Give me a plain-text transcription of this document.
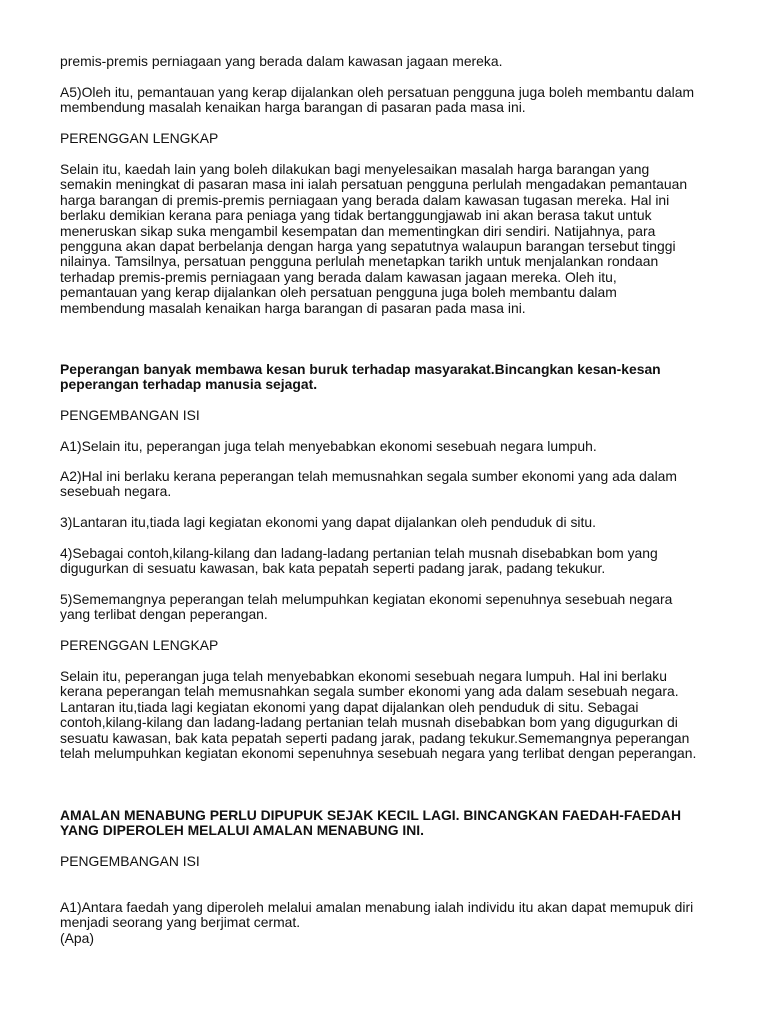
premis-premis perniagaan yang berada dalam kawasan jagaan mereka.

A5)Oleh itu, pemantauan yang kerap dijalankan oleh persatuan pengguna juga boleh membantu dalam
membendung masalah kenaikan harga barangan di pasaran pada masa ini.

PERENGGAN LENGKAP

Selain itu, kaedah lain yang boleh dilakukan bagi menyelesaikan masalah harga barangan yang
semakin meningkat di pasaran masa ini ialah persatuan pengguna perlulah mengadakan pemantauan
harga barangan di premis-premis perniagaan yang berada dalam kawasan tugasan mereka. Hal ini
berlaku demikian kerana para peniaga yang tidak bertanggungjawab ini akan berasa takut untuk
meneruskan sikap suka mengambil kesempatan dan mementingkan diri sendiri. Natijahnya, para
pengguna akan dapat berbelanja dengan harga yang sepatutnya walaupun barangan tersebut tinggi
nilainya. Tamsilnya, persatuan pengguna perlulah menetapkan tarikh untuk menjalankan rondaan
terhadap premis-premis perniagaan yang berada dalam kawasan jagaan mereka. Oleh itu,
pemantauan yang kerap dijalankan oleh persatuan pengguna juga boleh membantu dalam
membendung masalah kenaikan harga barangan di pasaran pada masa ini.

Peperangan banyak membawa kesan buruk terhadap masyarakat.Bincangkan kesan-kesan
peperangan terhadap manusia sejagat.

PENGEMBANGAN ISI

A1)Selain itu, peperangan juga telah menyebabkan ekonomi sesebuah negara lumpuh.

A2)Hal ini berlaku kerana peperangan telah memusnahkan segala sumber ekonomi yang ada dalam
sesebuah negara.

3)Lantaran itu,tiada lagi kegiatan ekonomi yang dapat dijalankan oleh penduduk di situ.

4)Sebagai contoh,kilang-kilang dan ladang-ladang pertanian telah musnah disebabkan bom yang
digugurkan di sesuatu kawasan, bak kata pepatah seperti padang jarak, padang tekukur.

5)Sememangnya peperangan telah melumpuhkan kegiatan ekonomi sepenuhnya sesebuah negara
yang terlibat dengan peperangan.

PERENGGAN LENGKAP

Selain itu, peperangan juga telah menyebabkan ekonomi sesebuah negara lumpuh. Hal ini berlaku
kerana peperangan telah memusnahkan segala sumber ekonomi yang ada dalam sesebuah negara.
Lantaran itu,tiada lagi kegiatan ekonomi yang dapat dijalankan oleh penduduk di situ. Sebagai
contoh,kilang-kilang dan ladang-ladang pertanian telah musnah disebabkan bom yang digugurkan di
sesuatu kawasan, bak kata pepatah seperti padang jarak, padang tekukur.Sememangnya peperangan
telah melumpuhkan kegiatan ekonomi sepenuhnya sesebuah negara yang terlibat dengan peperangan.

AMALAN MENABUNG PERLU DIPUPUK SEJAK KECIL LAGI. BINCANGKAN FAEDAH-FAEDAH
YANG DIPEROLEH MELALUI AMALAN MENABUNG INI.

PENGEMBANGAN ISI

A1)Antara faedah yang diperoleh melalui amalan menabung ialah individu itu akan dapat memupuk diri
menjadi seorang yang berjimat cermat.
(Apa)
